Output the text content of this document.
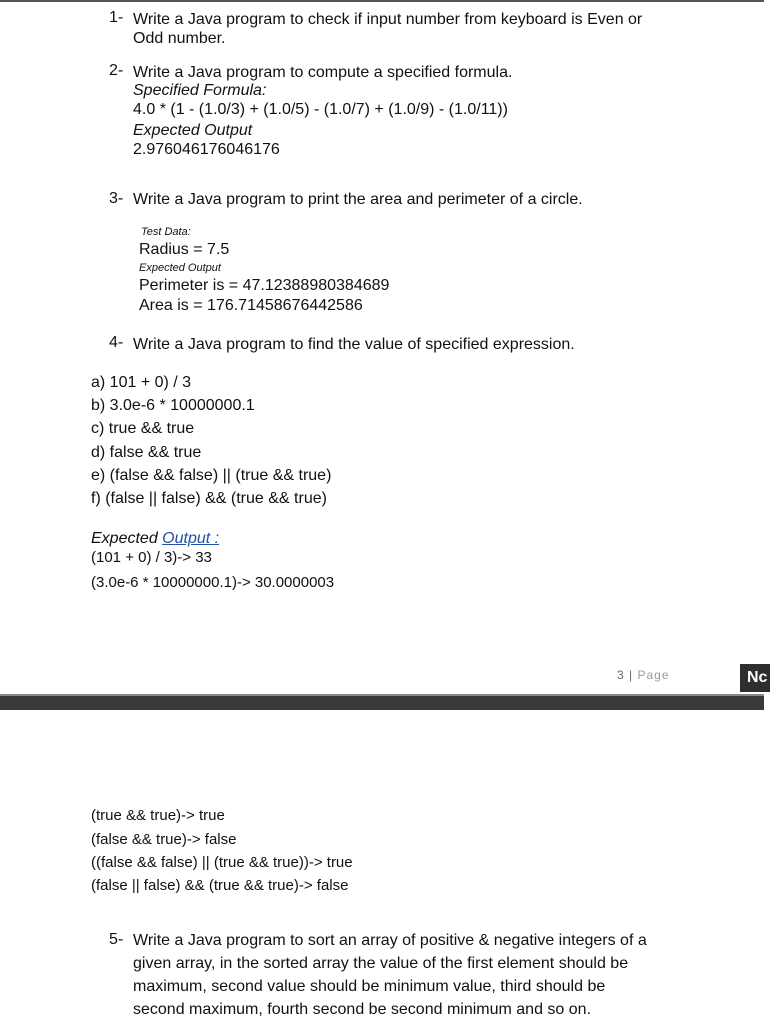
1- Write a Java program to check if input number from keyboard is Even or
Odd number.
2- Write a Java program to compute a specified formula.
Specified Formula:
4.0 * (1 - (1.0/3) + (1.0/5) - (1.0/7) + (1.0/9) - (1.0/11))
Expected Output
2.976046176046176
3- Write a Java program to print the area and perimeter of a circle.
Test Data:
Radius = 7.5
Expected Output
Perimeter is = 47.12388980384689
Area is = 176.71458676442586
4- Write a Java program to find the value of specified expression.
a) 101 + 0) / 3
b) 3.0e-6 * 10000000.1
c) true && true
d) false && true
e) (false && false) || (true && true)
f) (false || false) && (true && true)
Expected Output :
(101 + 0) / 3)-> 33
(3.0e-6 * 10000000.1)-> 30.0000003
3 | Page	Nc
(true && true)-> true
(false && true)-> false
((false && false) || (true && true))-> true
(false || false) && (true && true)-> false
5- Write a Java program to sort an array of positive & negative integers of a
given array, in the sorted array the value of the first element should be
maximum, second value should be minimum value, third should be
second maximum, fourth second be second minimum and so on.
